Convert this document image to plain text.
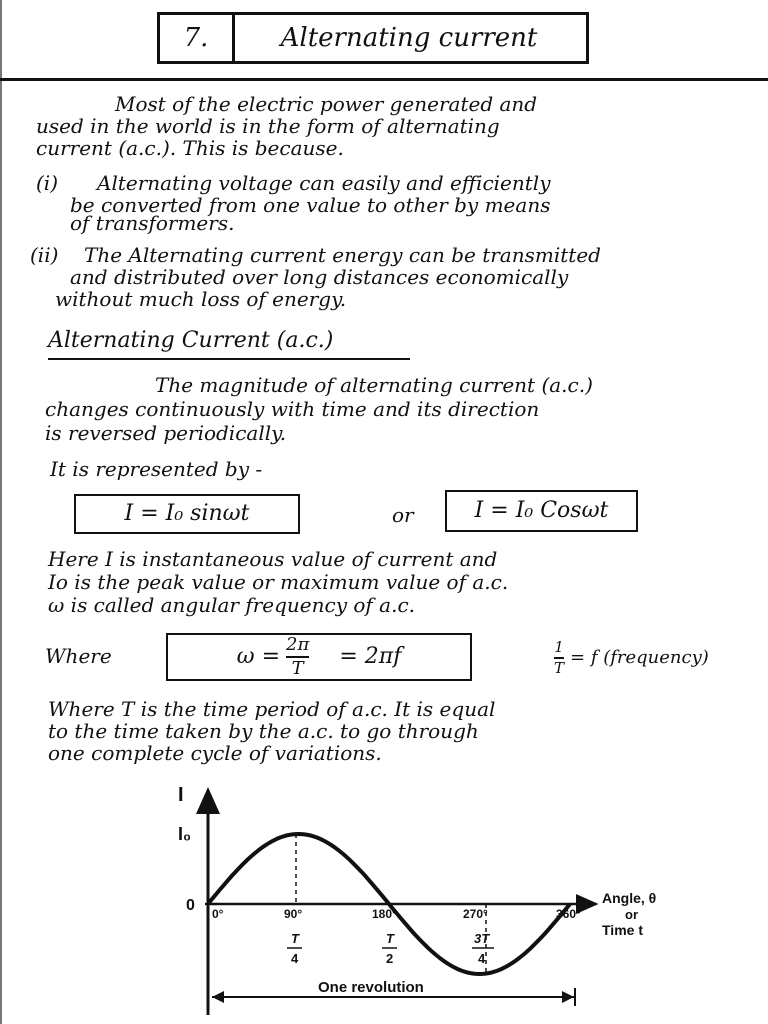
7.	Alternating current
Most of the electric power generated and
used in the world is in the form of alternating
current (a.c.). This is because.
(i) Alternating voltage can easily and efficiently
be converted from one value to other by means
of transformers.
(ii) The Alternating current energy can be transmitted
and distributed over long distances economically
without much loss of energy.
Alternating Current (a.c.)
The magnitude of alternating current (a.c.)
changes continuously with time and its direction
is reversed periodically.
It is represented by -
I = I₀ sinωt	or	I = I₀ Cosωt
Here I is instantaneous value of current and
Io is the peak value or maximum value of a.c.
ω is called angular frequency of a.c.
Where	$\omega = \frac{2\pi}{T} = 2\pi f$	$\frac{1}{T} = f$ (frequency)
Where T is the time period of a.c. It is equal
to the time taken by the a.c. to go through
one complete cycle of variations.
I
I₀
0	Angle, θ
or
Time t
0°	90°	180°	270°	360°
T
4
T
2
3T
4
One revolution
